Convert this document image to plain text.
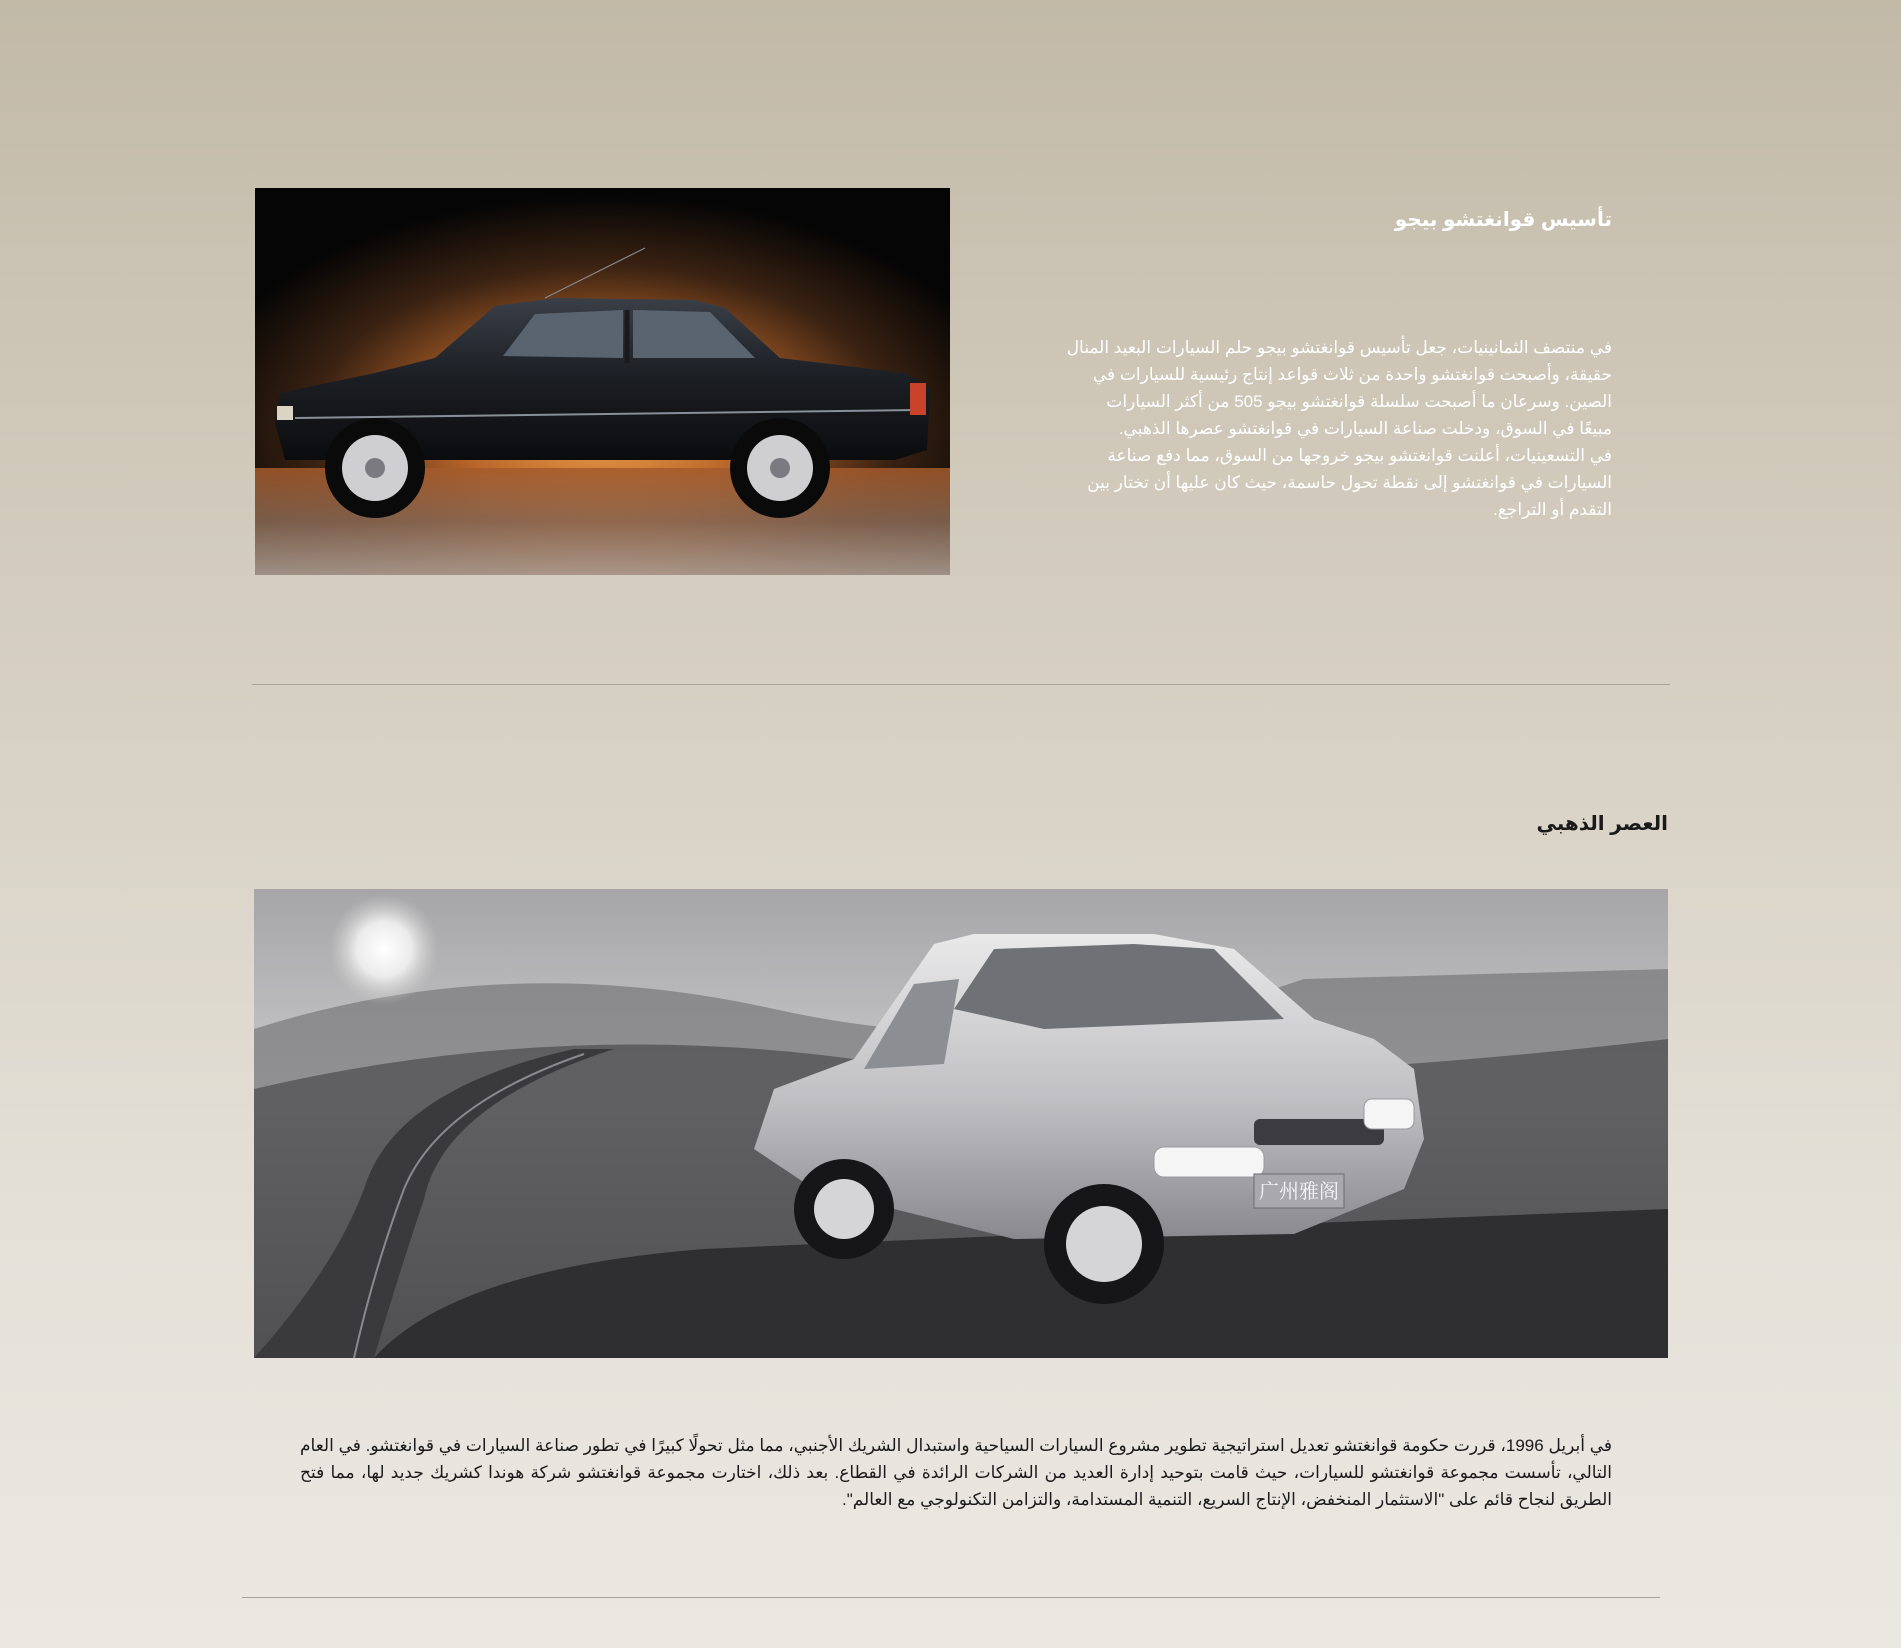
تأسيس قوانغتشو بيجو

في منتصف الثمانينيات، جعل تأسيس قوانغتشو بيجو حلم السيارات البعيد المنال
حقيقة، وأصبحت قوانغتشو واحدة من ثلاث قواعد إنتاج رئيسية للسيارات في
الصين. وسرعان ما أصبحت سلسلة قوانغتشو بيجو 505 من أكثر السيارات
مبيعًا في السوق، ودخلت صناعة السيارات في قوانغتشو عصرها الذهبي.
في التسعينيات، أعلنت قوانغتشو بيجو خروجها من السوق، مما دفع صناعة
السيارات في قوانغتشو إلى نقطة تحول حاسمة، حيث كان عليها أن تختار بين
التقدم أو التراجع.

العصر الذهبي
广州雅阁

في أبريل 1996، قررت حكومة قوانغتشو تعديل استراتيجية تطوير مشروع السيارات السياحية واستبدال الشريك الأجنبي، مما مثل تحولًا كبيرًا في تطور صناعة السيارات في قوانغتشو. في العام التالي، تأسست مجموعة قوانغتشو للسيارات، حيث قامت بتوحيد إدارة العديد من الشركات الرائدة في القطاع. بعد ذلك، اختارت مجموعة قوانغتشو شركة هوندا كشريك جديد لها، مما فتح الطريق لنجاح قائم على "الاستثمار المنخفض، الإنتاج السريع، التنمية المستدامة، والتزامن التكنولوجي مع العالم".
